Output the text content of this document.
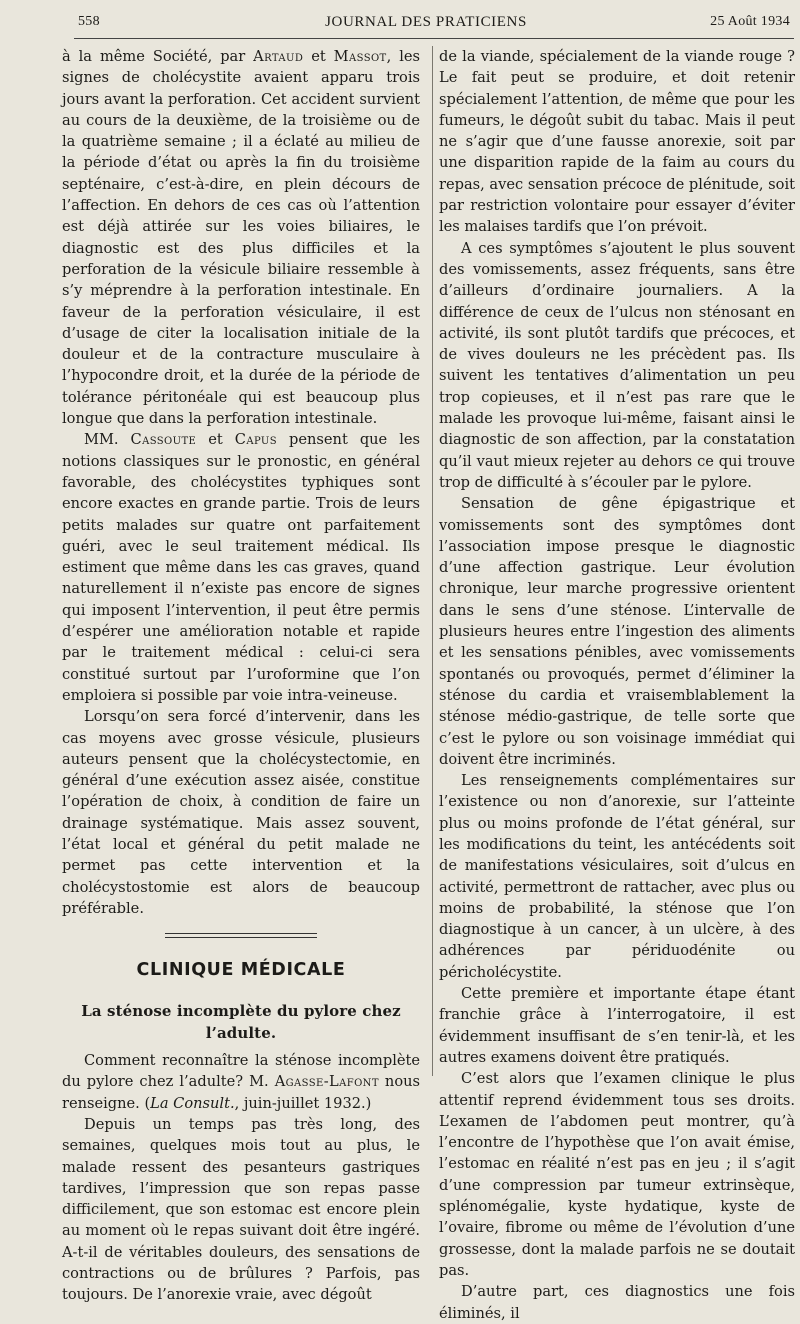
558	JOURNAL DES PRATICIENS	25 Août 1934

à la même Société, par Artaud et Massot, les signes de cholécystite avaient apparu trois jours avant la perforation. Cet accident survient au cours de la deuxième, de la troisième ou de la quatrième semaine ; il a éclaté au milieu de la période d’état ou après la fin du troisième septénaire, c’est-à-dire, en plein décours de l’affection. En dehors de ces cas où l’attention est déjà attirée sur les voies biliaires, le diagnostic est des plus difficiles et la perforation de la vésicule biliaire ressemble à s’y méprendre à la perforation intestinale. En faveur de la perforation vésiculaire, il est d’usage de citer la localisation initiale de la douleur et de la contracture musculaire à l’hypocondre droit, et la durée de la période de tolérance péritonéale qui est beaucoup plus longue que dans la perforation intestinale.

MM. Cassoute et Capus pensent que les notions classiques sur le pronostic, en général favorable, des cholécystites typhiques sont encore exactes en grande partie. Trois de leurs petits malades sur quatre ont parfaitement guéri, avec le seul traitement médical. Ils estiment que même dans les cas graves, quand naturellement il n’existe pas encore de signes qui imposent l’intervention, il peut être permis d’espérer une amélioration notable et rapide par le traitement médical : celui-ci sera constitué surtout par l’uroformine que l’on emploiera si possible par voie intra-veineuse.

Lorsqu’on sera forcé d’intervenir, dans les cas moyens avec grosse vésicule, plusieurs auteurs pensent que la cholécystectomie, en général d’une exécution assez aisée, constitue l’opération de choix, à condition de faire un drainage systématique. Mais assez souvent, l’état local et général du petit malade ne permet pas cette intervention et la cholécystostomie est alors de beaucoup préférable.

CLINIQUE MÉDICALE
La sténose incomplète du pylore chez l’adulte.

Comment reconnaître la sténose incomplète du pylore chez l’adulte? M. Agasse-Lafont nous renseigne. (La Consult., juin-juillet 1932.)

Depuis un temps pas très long, des semaines, quelques mois tout au plus, le malade ressent des pesanteurs gastriques tardives, l’impression que son repas passe difficilement, que son estomac est encore plein au moment où le repas suivant doit être ingéré. A-t-il de véritables douleurs, des sensations de contractions ou de brûlures ? Parfois, pas toujours. De l’anorexie vraie, avec dégoût

de la viande, spécialement de la viande rouge ? Le fait peut se produire, et doit retenir spécialement l’attention, de même que pour les fumeurs, le dégoût subit du tabac. Mais il peut ne s’agir que d’une fausse anorexie, soit par une disparition rapide de la faim au cours du repas, avec sensation précoce de plénitude, soit par restriction volontaire pour essayer d’éviter les malaises tardifs que l’on prévoit.

A ces symptômes s’ajoutent le plus souvent des vomissements, assez fréquents, sans être d’ailleurs d’ordinaire journaliers. A la différence de ceux de l’ulcus non sténosant en activité, ils sont plutôt tardifs que précoces, et de vives douleurs ne les précèdent pas. Ils suivent les tentatives d’alimentation un peu trop copieuses, et il n’est pas rare que le malade les provoque lui-même, faisant ainsi le diagnostic de son affection, par la constatation qu’il vaut mieux rejeter au dehors ce qui trouve trop de difficulté à s’écouler par le pylore.

Sensation de gêne épigastrique et vomissements sont des symptômes dont l’association impose presque le diagnostic d’une affection gastrique. Leur évolution chronique, leur marche progressive orientent dans le sens d’une sténose. L’intervalle de plusieurs heures entre l’ingestion des aliments et les sensations pénibles, avec vomissements spontanés ou provoqués, permet d’éliminer la sténose du cardia et vraisemblablement la sténose médio-gastrique, de telle sorte que c’est le pylore ou son voisinage immédiat qui doivent être incriminés.

Les renseignements complémentaires sur l’existence ou non d’anorexie, sur l’atteinte plus ou moins profonde de l’état général, sur les modifications du teint, les antécédents soit de manifestations vésiculaires, soit d’ulcus en activité, permettront de rattacher, avec plus ou moins de probabilité, la sténose que l’on diagnostique à un cancer, à un ulcère, à des adhérences par périduodénite ou péricholécystite.

Cette première et importante étape étant franchie grâce à l’interrogatoire, il est évidemment insuffisant de s’en tenir-là, et les autres examens doivent être pratiqués.

C’est alors que l’examen clinique le plus attentif reprend évidemment tous ses droits. L’examen de l’abdomen peut montrer, qu’à l’encontre de l’hypothèse que l’on avait émise, l’estomac en réalité n’est pas en jeu ; il s’agit d’une compression par tumeur extrinsèque, splénomégalie, kyste hydatique, kyste de l’ovaire, fibrome ou même de l’évolution d’une grossesse, dont la malade parfois ne se doutait pas.

D’autre part, ces diagnostics une fois éliminés, il
